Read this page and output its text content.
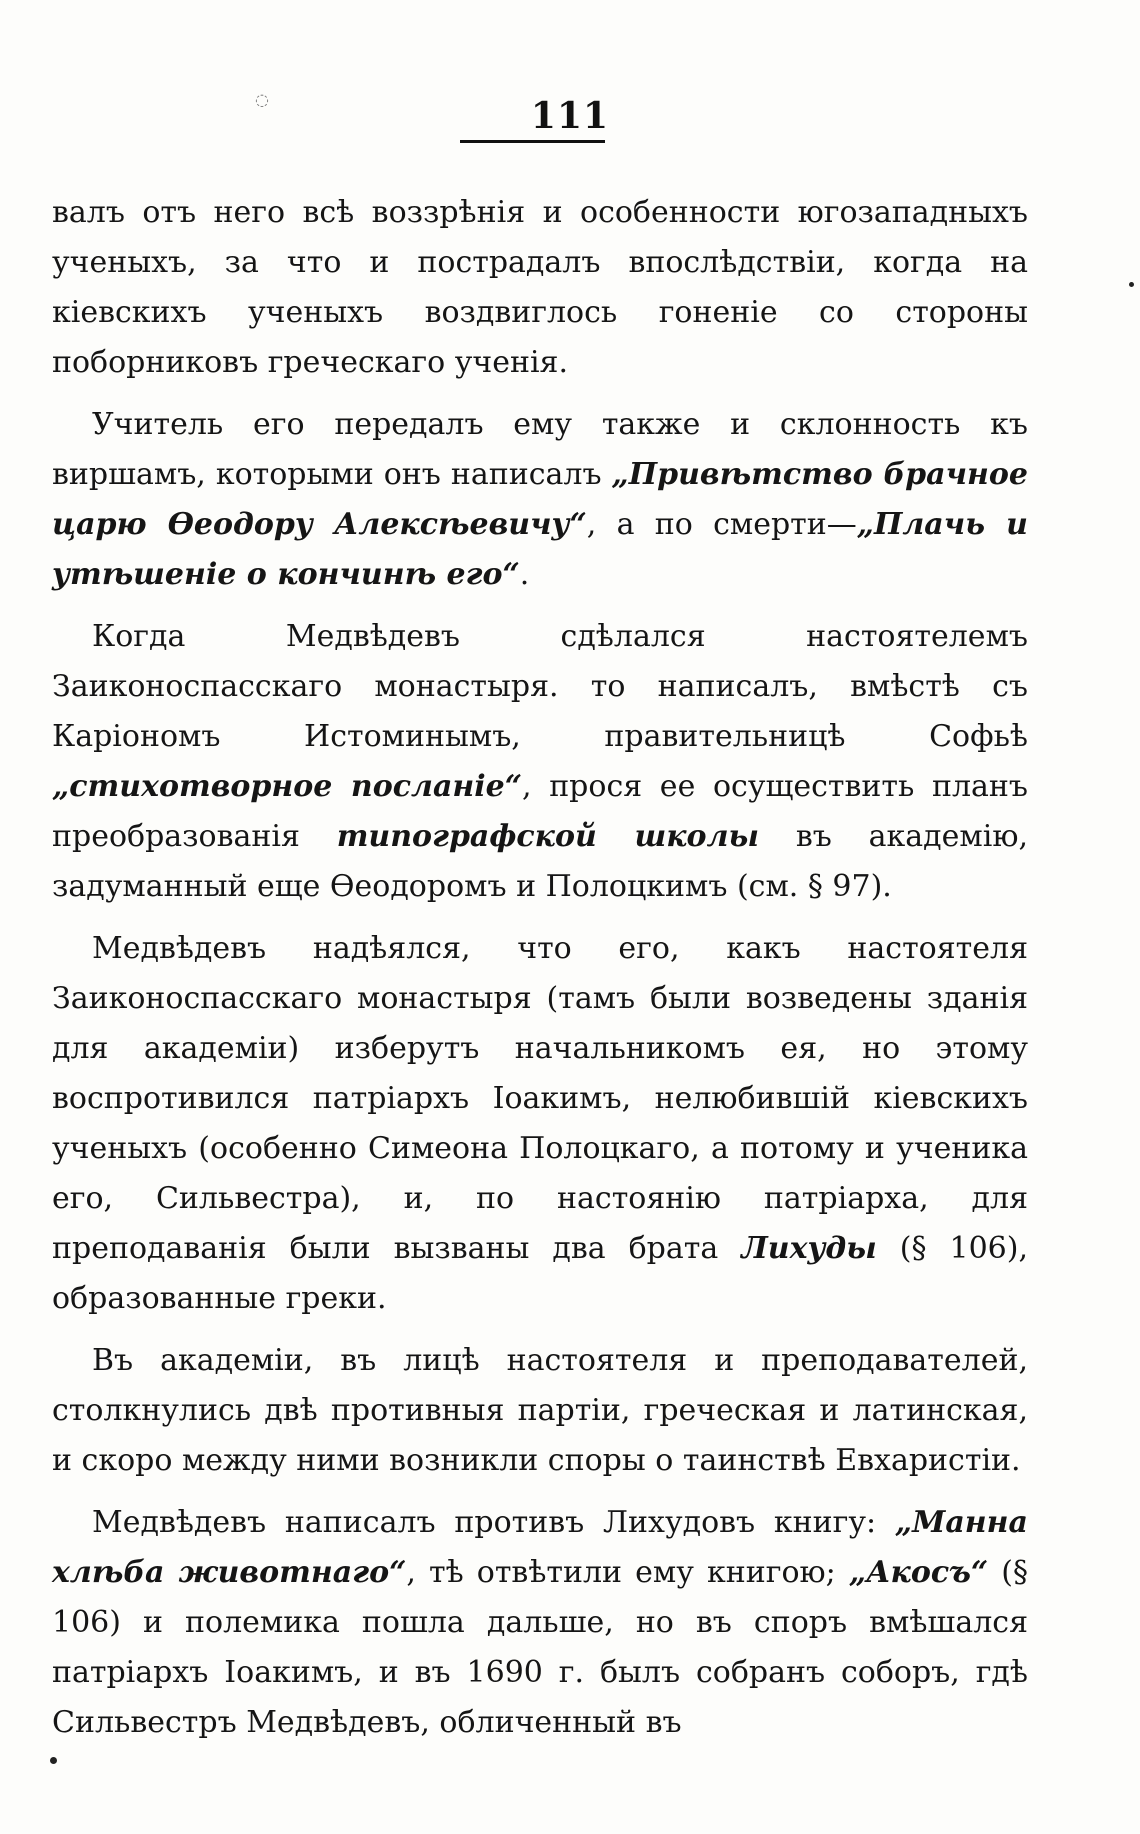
◌	111

валъ отъ него всѣ воззрѣнія и особенности югозападныхъ ученыхъ, за что и пострадалъ впослѣдствіи, когда на кіевскихъ ученыхъ воздвиглось гоненіе со стороны поборниковъ греческаго ученія.

Учитель его передалъ ему также и склонность къ виршамъ, которыми онъ написалъ „Привѣтство брачное царю Ѳеодору Алексѣевичу“, а по смерти—„Плачь и утѣшеніе о кончинѣ его“.

Когда Медвѣдевъ сдѣлался настоятелемъ Заиконоспасскаго монастыря. то написалъ, вмѣстѣ съ Каріономъ Истоминымъ, правительницѣ Софьѣ „стихотворное посланіе“, прося ее осуществить планъ преобразованія типографской школы въ академію, задуманный еще Ѳеодоромъ и Полоцкимъ (см. § 97).

Медвѣдевъ надѣялся, что его, какъ настоятеля Заиконоспасскаго монастыря (тамъ были возведены зданія для академіи) изберутъ начальникомъ ея, но этому воспротивился патріархъ Іоакимъ, нелюбившій кіевскихъ ученыхъ (особенно Симеона Полоцкаго, а потому и ученика его, Сильвестра), и, по настоянію патріарха, для преподаванія были вызваны два брата Лихуды (§ 106), образованные греки.

Въ академіи, въ лицѣ настоятеля и преподавателей, столкнулись двѣ противныя партіи, греческая и латинская, и скоро между ними возникли споры о таинствѣ Евхаристіи.

Медвѣдевъ написалъ противъ Лихудовъ книгу: „Манна хлѣба животнаго“, тѣ отвѣтили ему книгою; „Акосъ“ (§ 106) и полемика пошла дальше, но въ споръ вмѣшался патріархъ Іоакимъ, и въ 1690 г. былъ собранъ соборъ, гдѣ Сильвестръ Медвѣдевъ, обличенный въ
